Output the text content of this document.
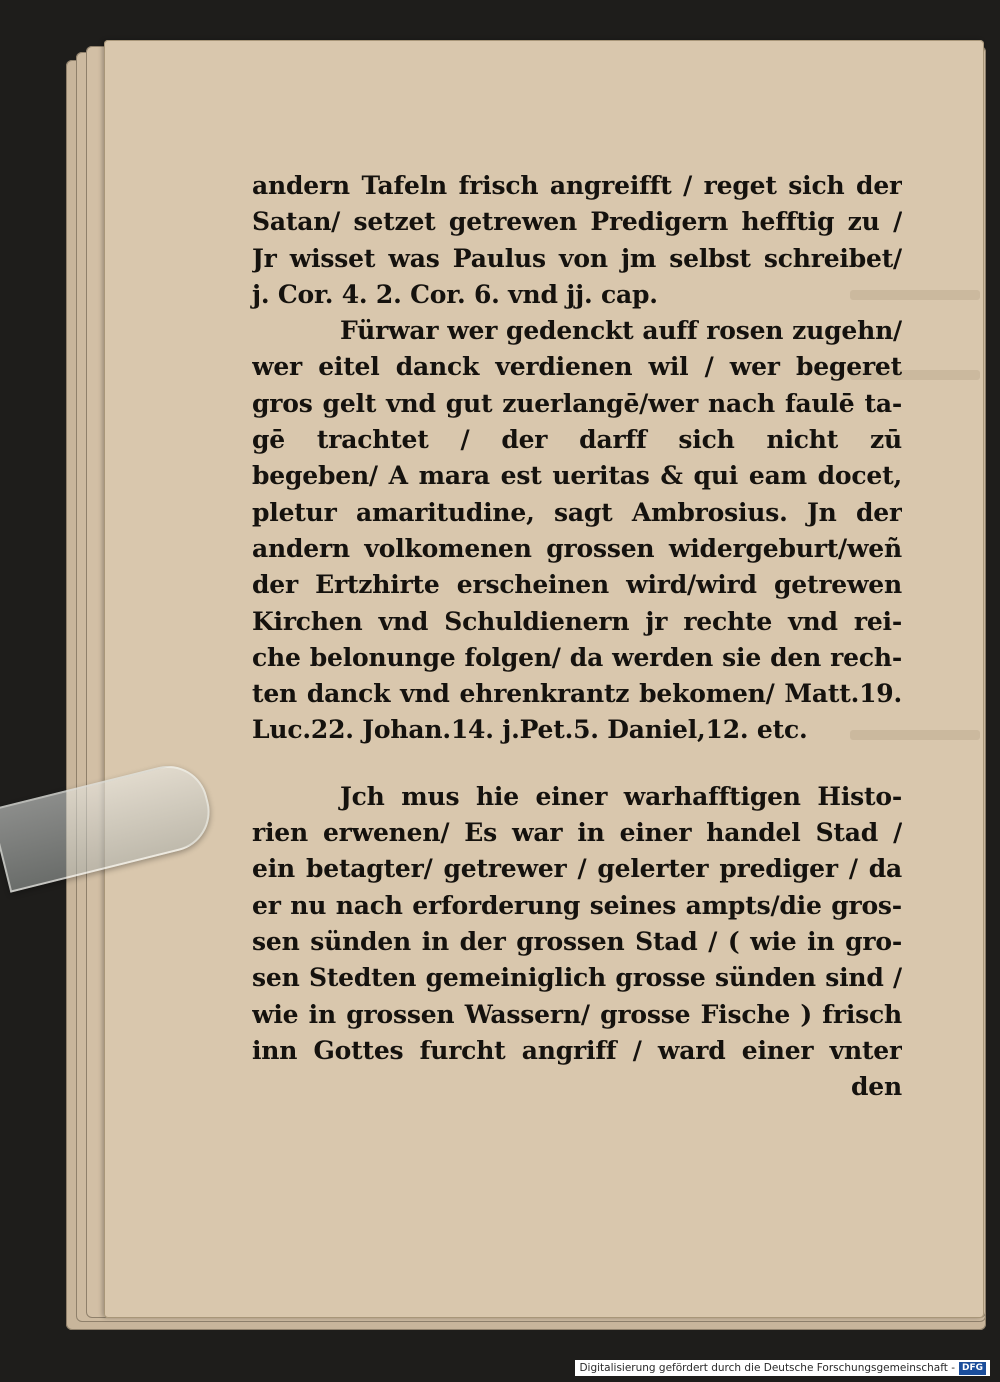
andern Tafeln frisch angreifft / reget sich der
Satan/ setzet getrewen Predigern hefftig zu /
Jr wisset was Paulus von jm selbst schreibet/
j. Cor. 4. 2. Cor. 6. vnd jj. cap.
Fürwar wer gedenckt auff rosen zugehn/
wer eitel danck verdienen wil / wer begeret
gros gelt vnd gut zuerlangē/wer nach faulē ta-
gē trachtet / der darff sich nicht zū
begeben/ A mara est ueritas & qui eam docet,
pletur amaritudine, sagt Ambrosius. Jn der
andern volkomenen grossen widergeburt/weñ
der Ertzhirte erscheinen wird/wird getrewen
Kirchen vnd Schuldienern jr rechte vnd rei-
che belonunge folgen/ da werden sie den rech-
ten danck vnd ehrenkrantz bekomen/ Matt.19.
Luc.22. Johan.14. j.Pet.5. Daniel,12. etc.
Jch mus hie einer warhafftigen Histo-
rien erwenen/ Es war in einer handel Stad /
ein betagter/ getrewer / gelerter prediger / da
er nu nach erforderung seines ampts/die gros-
sen sünden in der grossen Stad / ( wie in gro-
sen Stedten gemeiniglich grosse sünden sind /
wie in grossen Wassern/ grosse Fische ) frisch
inn Gottes furcht angriff / ward einer vnter
den
Digitalisierung gefördert durch die Deutsche Forschungsgemeinschaft - DFG
